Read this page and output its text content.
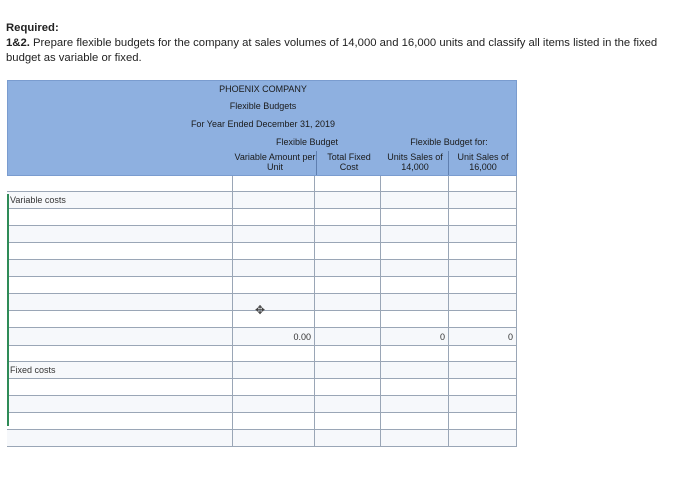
Required:
1&2. Prepare flexible budgets for the company at sales volumes of 14,000 and 16,000 units and classify all items listed in the fixed budget as variable or fixed.
PHOENIX COMPANY
Flexible Budgets
For Year Ended December 31, 2019
Flexible Budget	Flexible Budget for:
Variable Amount per Unit
Total Fixed Cost
Units Sales of 14,000
Unit Sales of 16,000
Variable costs
0.00
0
0
Fixed costs
✥
